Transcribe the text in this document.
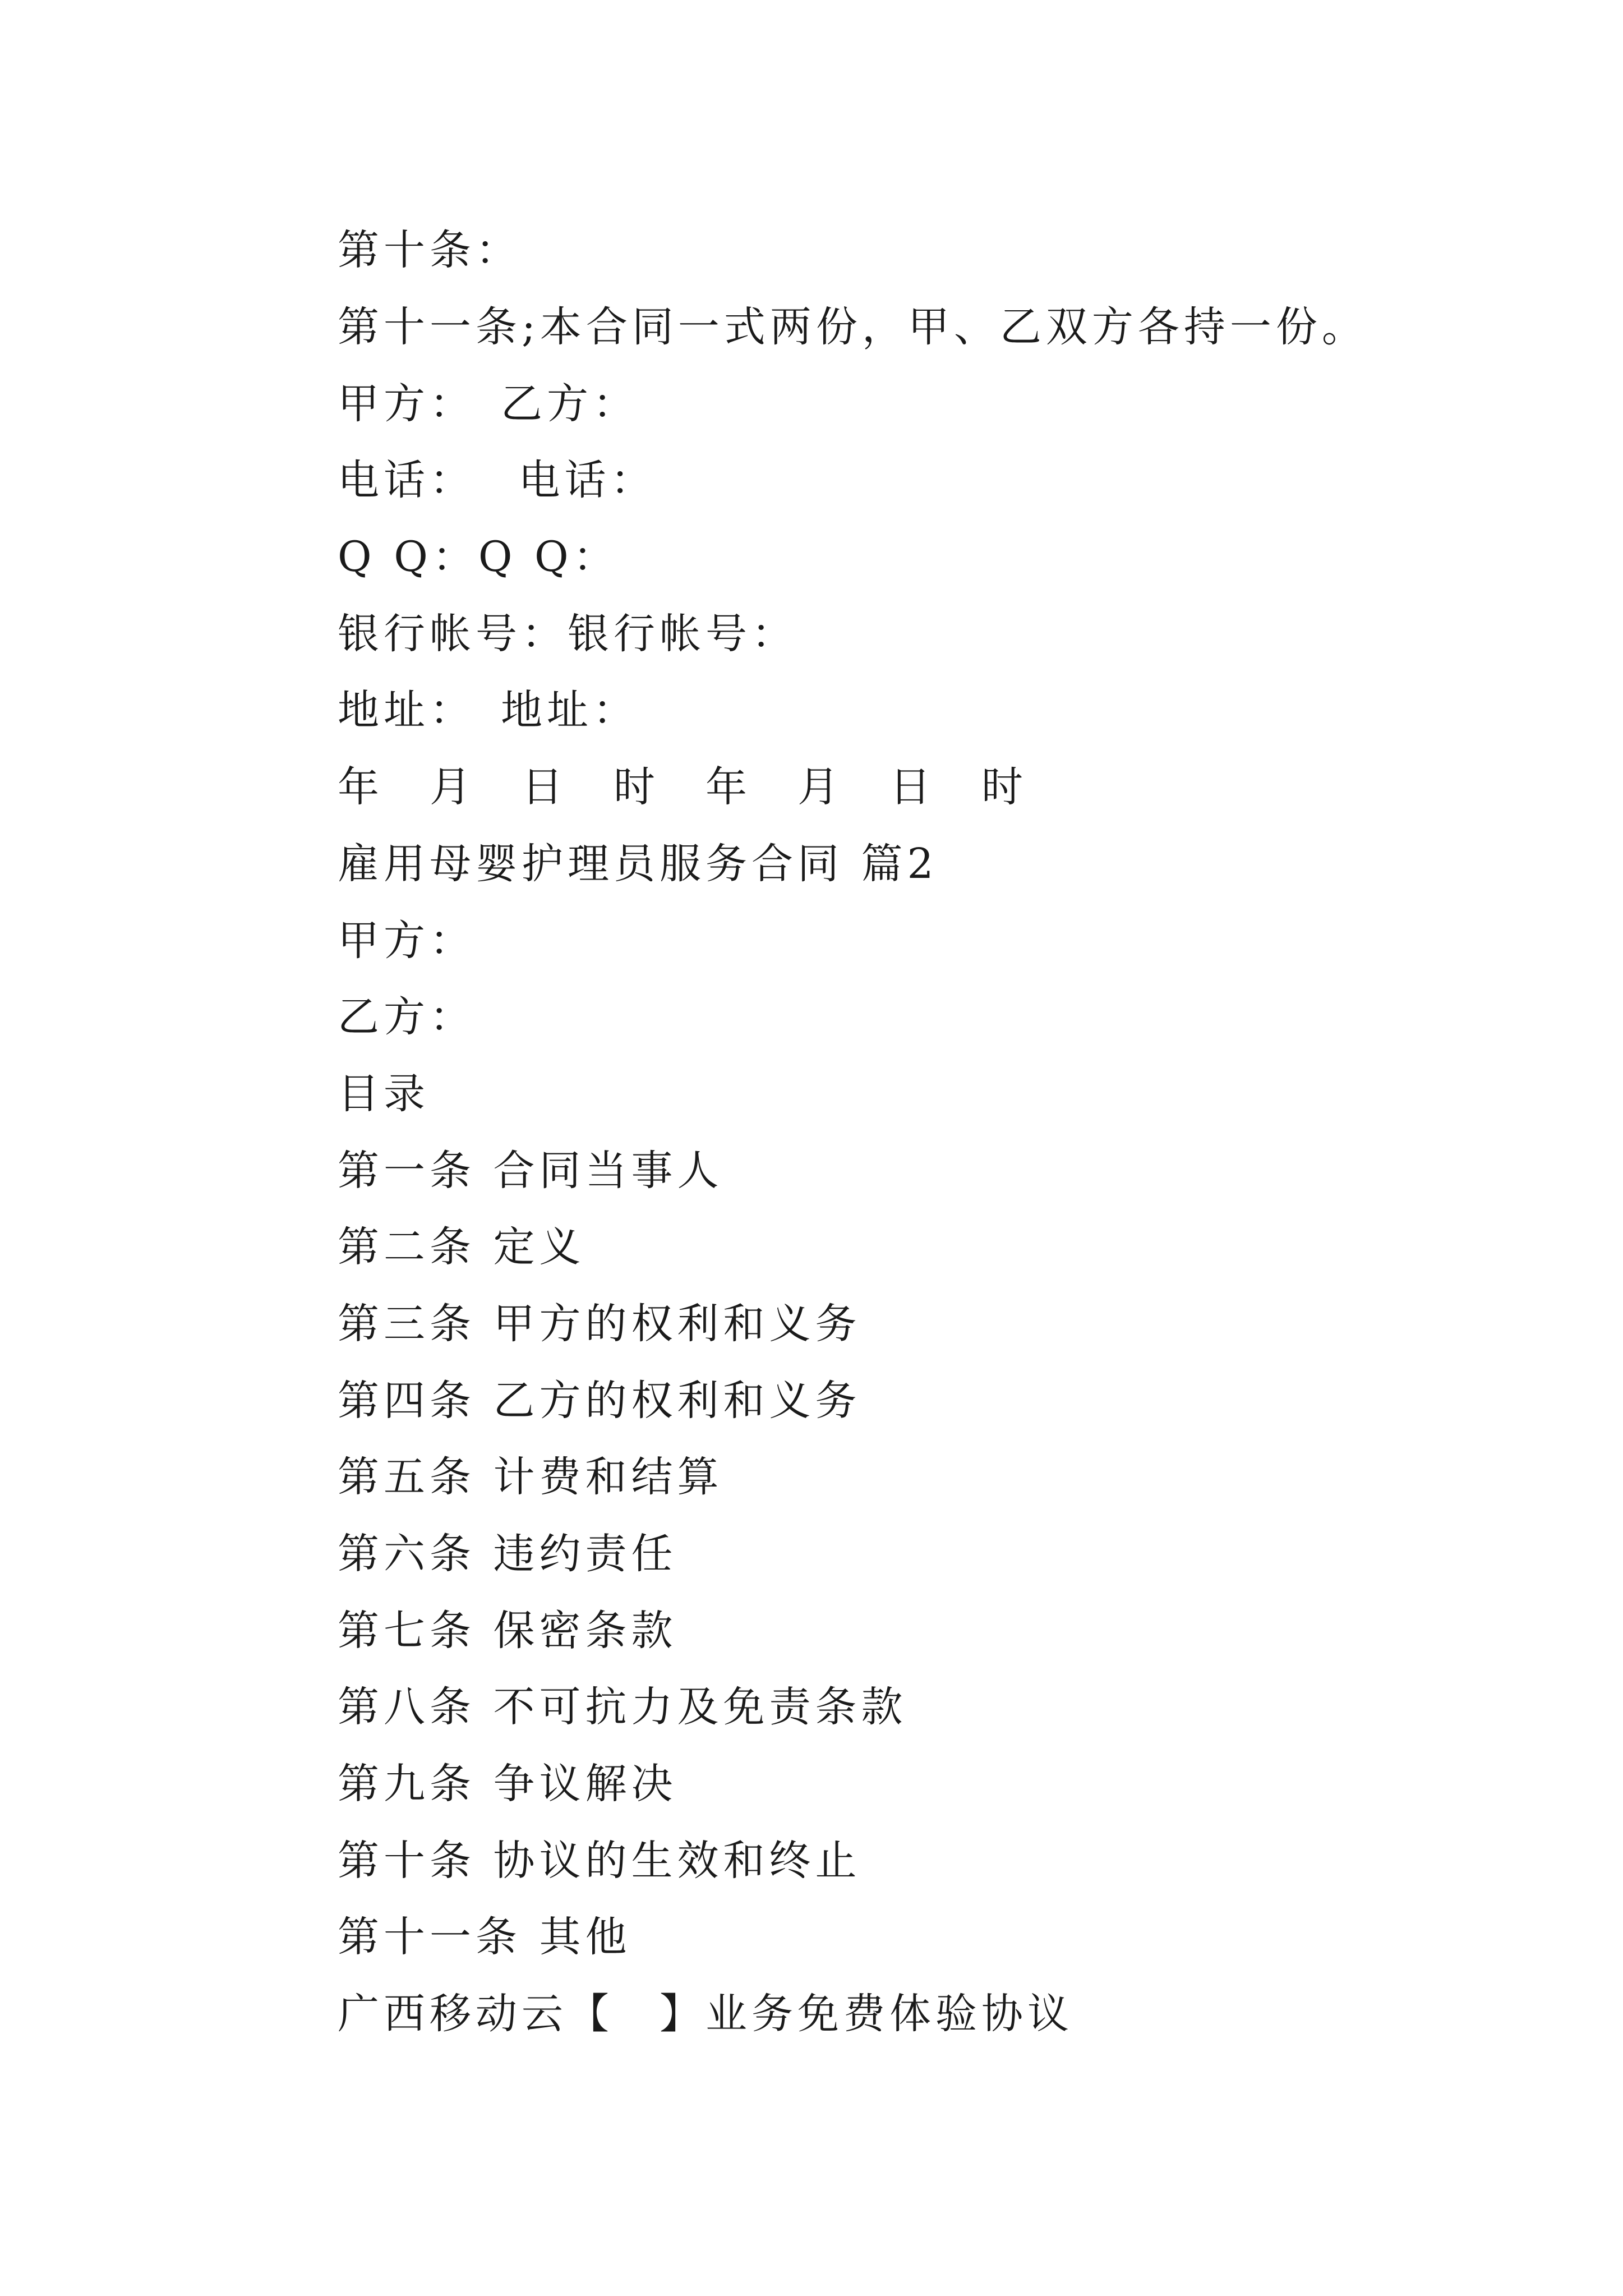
第十条：
第十一条;本合同一式两份，甲、乙双方各持一份。
甲方：　乙方：
电话：　 电话：
Q Q：Q Q：
银行帐号：银行帐号：
地址：　地址：
年　月　日　时　年　月　日　时
雇用母婴护理员服务合同 篇2
甲方：
乙方：
目录
第一条 合同当事人
第二条 定义
第三条 甲方的权利和义务
第四条 乙方的权利和义务
第五条 计费和结算
第六条 违约责任
第七条 保密条款
第八条 不可抗力及免责条款
第九条 争议解决
第十条 协议的生效和终止
第十一条 其他
广西移动云【　】业务免费体验协议
